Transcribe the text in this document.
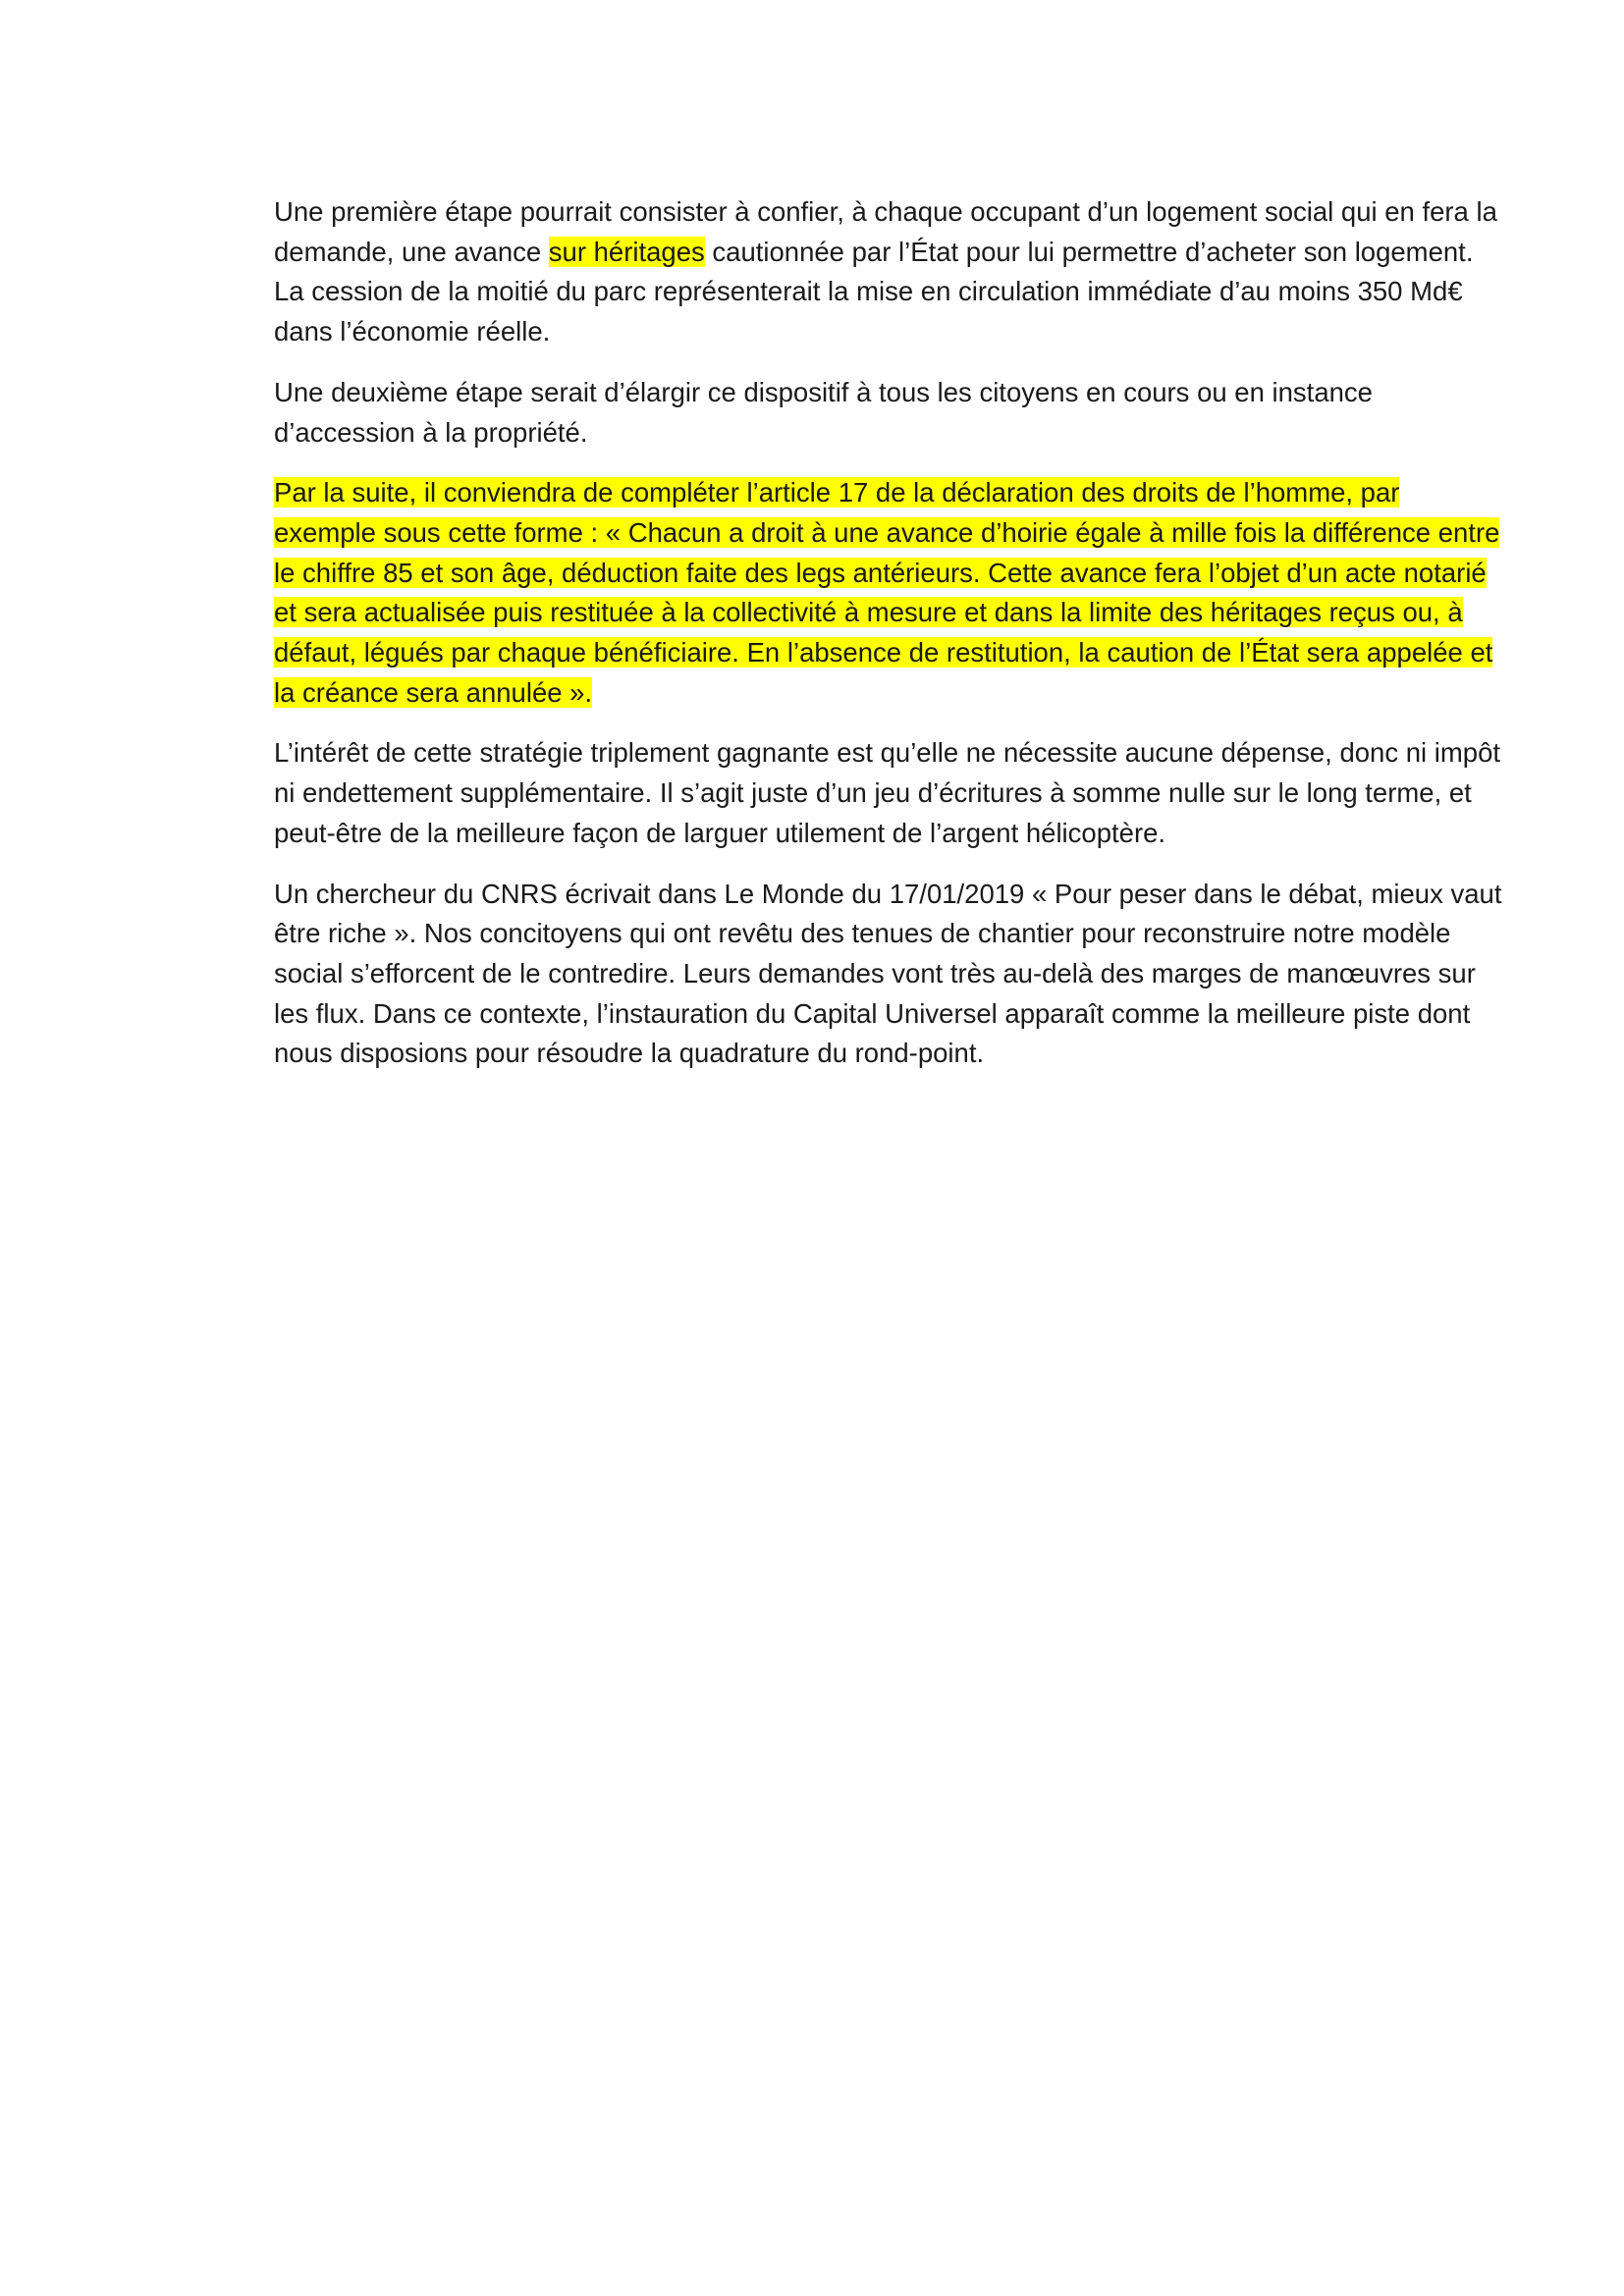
Une première étape pourrait consister à confier, à chaque occupant d’un logement social qui en fera la demande, une avance sur héritages cautionnée par l’État pour lui permettre d’acheter son logement. La cession de la moitié du parc représenterait la mise en circulation immédiate d’au moins 350 Md€ dans l’économie réelle.

Une deuxième étape serait d’élargir ce dispositif à tous les citoyens en cours ou en instance d’accession à la propriété.

Par la suite, il conviendra de compléter l’article 17 de la déclaration des droits de l’homme, par exemple sous cette forme : « Chacun a droit à une avance d’hoirie égale à mille fois la différence entre le chiffre 85 et son âge, déduction faite des legs antérieurs. Cette avance fera l’objet d’un acte notarié et sera actualisée puis restituée à la collectivité à mesure et dans la limite des héritages reçus ou, à défaut, légués par chaque bénéficiaire. En l’absence de restitution, la caution de l’État sera appelée et la créance sera annulée ».

L’intérêt de cette stratégie triplement gagnante est qu’elle ne nécessite aucune dépense, donc ni impôt ni endettement supplémentaire. Il s’agit juste d’un jeu d’écritures à somme nulle sur le long terme, et peut-être de la meilleure façon de larguer utilement de l’argent hélicoptère.

Un chercheur du CNRS écrivait dans Le Monde du 17/01/2019 « Pour peser dans le débat, mieux vaut être riche ». Nos concitoyens qui ont revêtu des tenues de chantier pour reconstruire notre modèle social s’efforcent de le contredire. Leurs demandes vont très au-delà des marges de manœuvres sur les flux. Dans ce contexte, l’instauration du Capital Universel apparaît comme la meilleure piste dont nous disposions pour résoudre la quadrature du rond-point.
